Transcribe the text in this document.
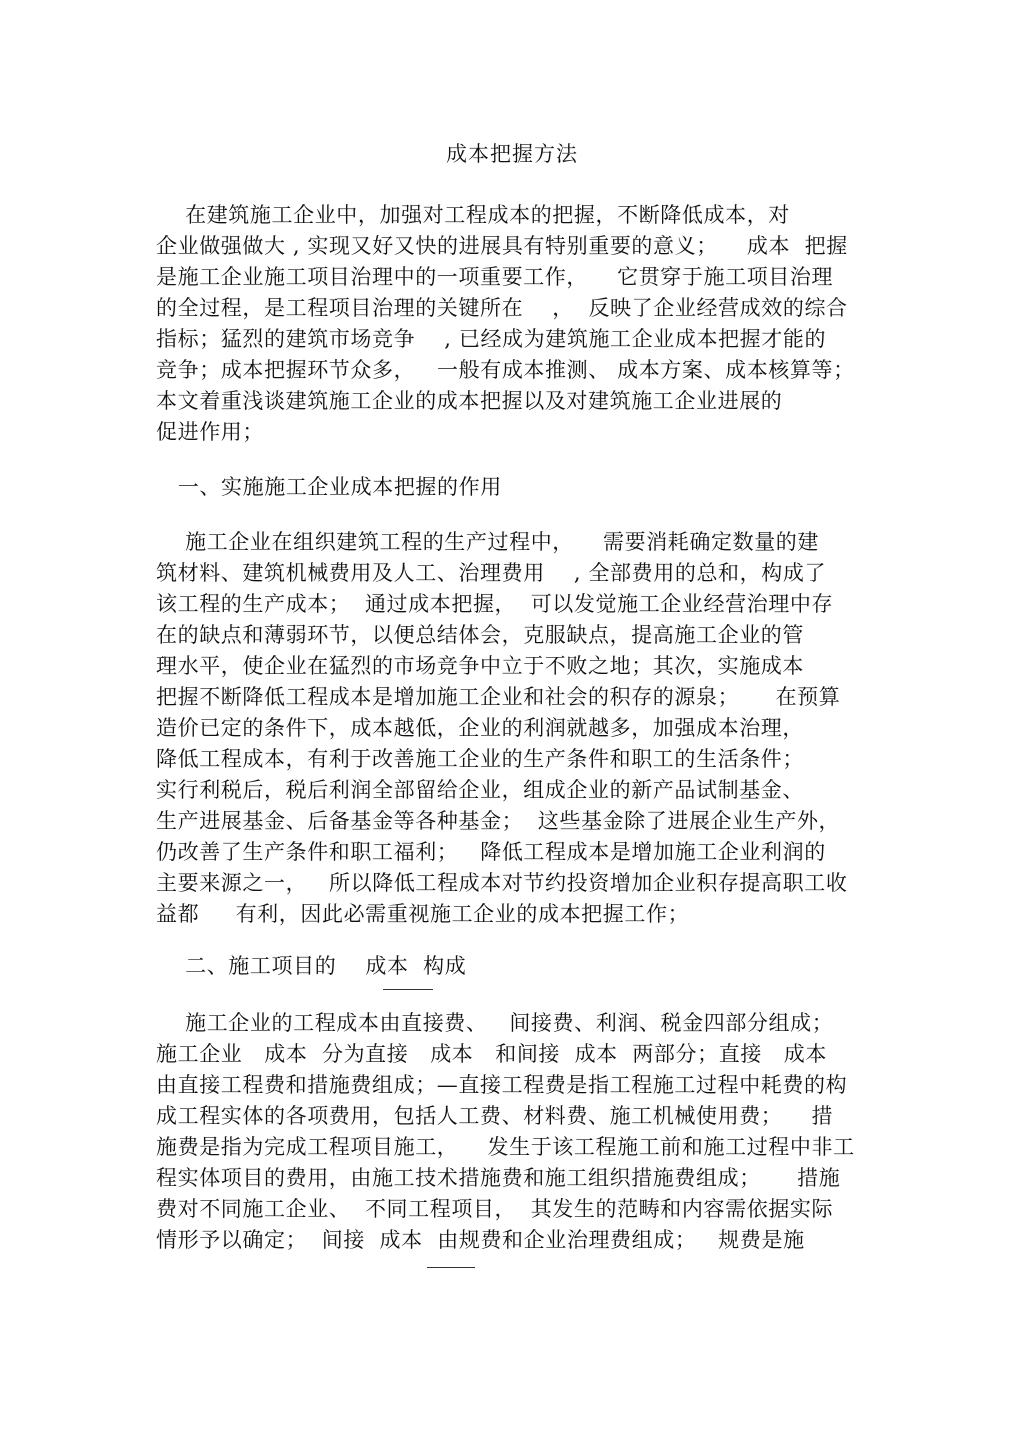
成本把握方法
在建筑施工企业中，加强对工程成本的把握，不断降低成本，对
企业做强做大 , 实现又好又快的进展具有特别重要的意义；    成本  把握
是施工企业施工项目治理中的一项重要工作，    它贯穿于施工项目治理
的全过程，是工程项目治理的关键所在    ，  反映了企业经营成效的综合
指标；猛烈的建筑市场竞争    , 已经成为建筑施工企业成本把握才能的
竞争；成本把握环节众多，   一般有成本推测、 成本方案、成本核算等；
本文着重浅谈建筑施工企业的成本把握以及对建筑施工企业进展的
促进作用；
一、实施施工企业成本把握的作用
施工企业在组织建筑工程的生产过程中，    需要消耗确定数量的建
筑材料、建筑机械费用及人工、治理费用    , 全部费用的总和，构成了
该工程的生产成本；  通过成本把握，  可以发觉施工企业经营治理中存
在的缺点和薄弱环节，以便总结体会，克服缺点，提高施工企业的管
理水平，使企业在猛烈的市场竞争中立于不败之地；其次，实施成本
把握不断降低工程成本是增加施工企业和社会的积存的源泉；     在预算
造价已定的条件下，成本越低，企业的利润就越多，加强成本治理，
降低工程成本，有利于改善施工企业的生产条件和职工的生活条件；
实行利税后，税后利润全部留给企业，组成企业的新产品试制基金、
生产进展基金、后备基金等各种基金；  这些基金除了进展企业生产外，
仍改善了生产条件和职工福利；   降低工程成本是增加施工企业利润的
主要来源之一，   所以降低工程成本对节约投资增加企业积存提高职工收
益都     有利，因此必需重视施工企业的成本把握工作；
二、施工项目的    成本  构成
施工企业的工程成本由直接费、   间接费、利润、税金四部分组成；
施工企业   成本  分为直接   成本   和间接  成本  两部分；直接   成本
由直接工程费和措施费组成；—直接工程费是指工程施工过程中耗费的构
成工程实体的各项费用，包括人工费、材料费、施工机械使用费；    措
施费是指为完成工程项目施工，    发生于该工程施工前和施工过程中非工
程实体项目的费用，由施工技术措施费和施工组织措施费组成；     措施
费对不同施工企业、  不同工程项目，  其发生的范畴和内容需依据实际
情形予以确定；  间接  成本  由规费和企业治理费组成；   规费是施
